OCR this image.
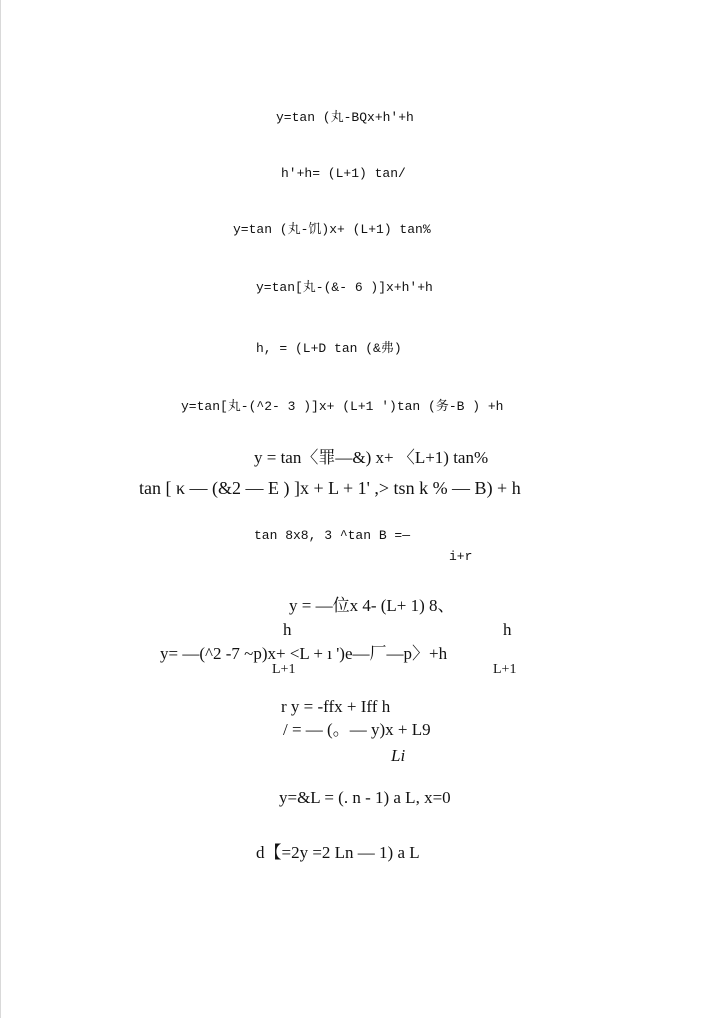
y=tan (丸-BQx+h'+h
h'+h= (L+1) tan/
y=tan (丸-饥)x+ (L+1) tan%
y=tan[丸-(&- 6 )]x+h'+h
h, = (L+D tan (&弗)
y=tan[丸-(^2- 3 )]x+ (L+1 ')tan (务-B ) +h
y = tan〈罪—&) x+ 〈L+1) tan%
tan [ κ — (&2 — E ) ]x + L + 1' ,> tsn k % — B) + h
tan 8x8, 3 ^tan B =—
i+r
y = —位x 4- (L+ 1) 8、
h	h
y= —(^2 -7 ~p)x+ <L + ı ')e—厂—p〉+h
L+1	L+1
r y = -ffx + Iff h
/ = — (。— y)x + L9
Li
y=&L = (. n - 1) a L, x=0
d【=2y =2 Ln — 1) a L
